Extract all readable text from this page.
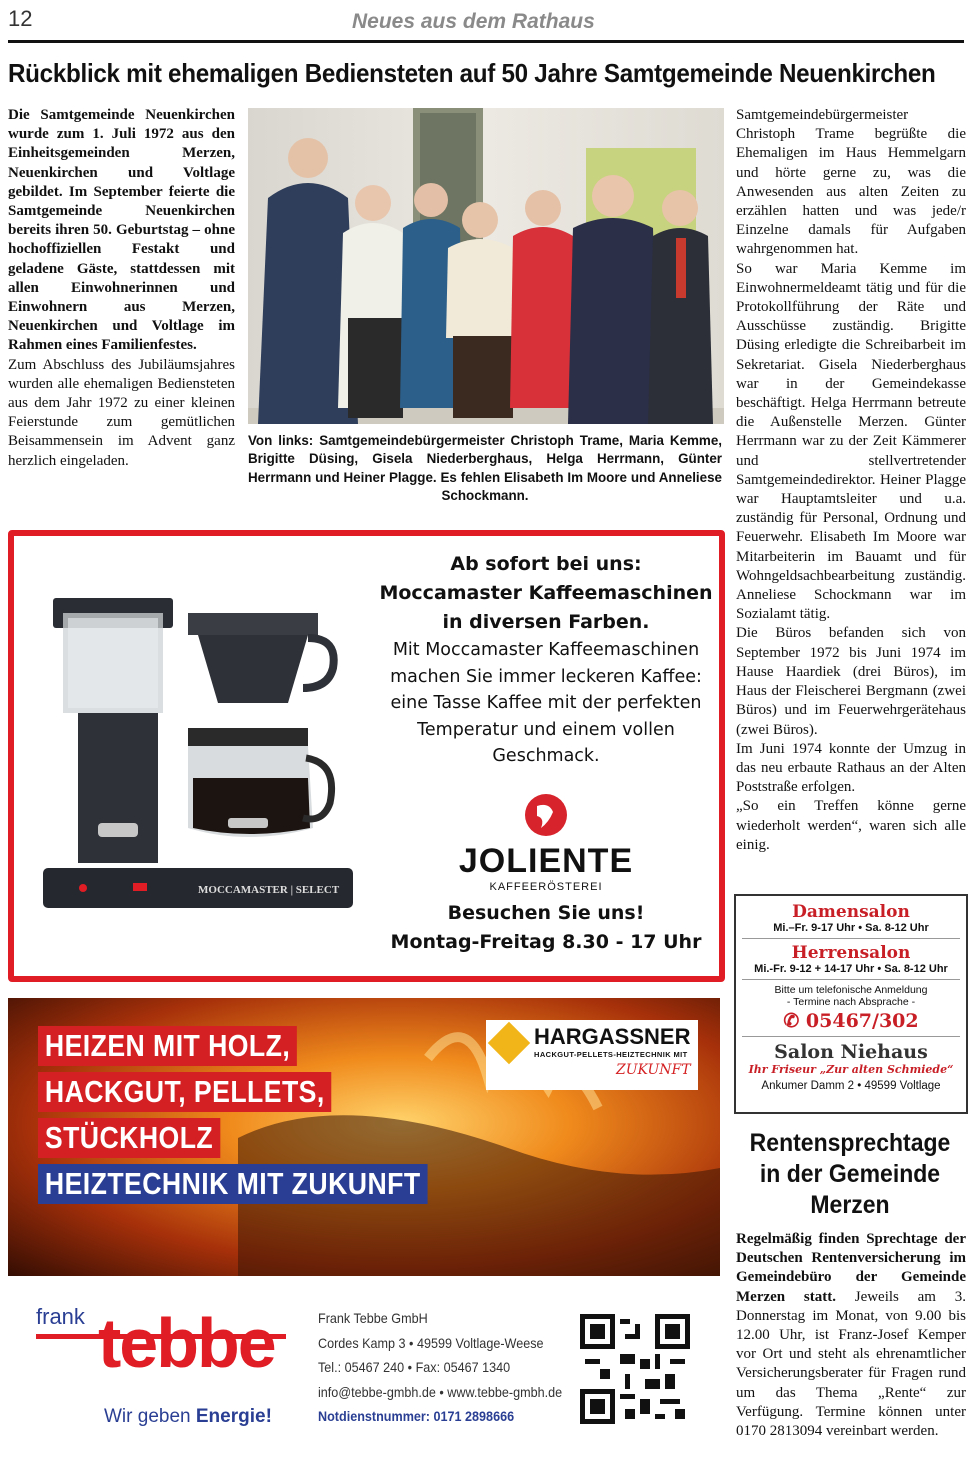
12	Neues aus dem Rathaus
Rückblick mit ehemaligen Bediensteten auf 50 Jahre Samtgemeinde Neuenkirchen

Die Samtgemeinde Neuenkirchen wurde zum 1. Juli 1972 aus den Einheitsgemeinden Merzen, Neuenkirchen und Voltlage gebildet. Im September feierte die Samtgemeinde Neuenkirchen bereits ihren 50. Geburtstag – ohne hochoffiziellen Festakt und geladene Gäste, stattdessen mit allen Einwohnerinnen und Einwohnern aus Merzen, Neuenkirchen und Voltlage im Rahmen eines Familienfestes.

Zum Abschluss des Jubiläumsjahres wurden alle ehemaligen Bediensteten aus dem Jahr 1972 zu einer kleinen Feierstunde zum gemütlichen Beisammensein im Advent ganz herzlich eingeladen.

Von links: Samtgemeindebürgermeister Christoph Trame, Maria Kemme, Brigitte Düsing, Gisela Niederberghaus, Helga Herrmann, Günter Herrmann und Heiner Plagge. Es fehlen Elisabeth Im Moore und Anneliese Schockmann.

Samtgemeindebürgermeister Christoph Trame begrüßte die Ehemaligen im Haus Hemmelgarn und hörte gerne zu, was die Anwesenden aus alten Zeiten zu erzählen hatten und was jede/r Einzelne damals für Aufgaben wahrgenommen hat.

So war Maria Kemme im Einwohnermeldeamt tätig und für die Protokollführung der Räte und Ausschüsse zuständig. Brigitte Düsing erledigte die Schreibarbeit im Sekretariat. Gisela Niederberghaus war in der Gemeindekasse beschäftigt. Helga Herrmann betreute die Außenstelle Merzen. Günter Herrmann war zu der Zeit Kämmerer und stellvertretender Samtgemeindedirektor. Heiner Plagge war Hauptamtsleiter und u.a. zuständig für Personal, Ordnung und Feuerwehr. Elisabeth Im Moore war Mitarbeiterin im Bauamt und für Wohngeldsachbearbeitung zuständig. Anneliese Schockmann war im Sozialamt tätig.

Die Büros befanden sich von September 1972 bis Juni 1974 im Hause Haardiek (drei Büros), im Haus der Fleischerei Bergmann (zwei Büros) und im Feuerwehrgerätehaus (zwei Büros).

Im Juni 1974 konnte der Umzug in das neu erbaute Rathaus an der Alten Poststraße erfolgen.

„So ein Treffen könne gerne wiederholt werden“, waren sich alle einig.

MOCCAMASTER | SELECT
Ab sofort bei uns: Moccamaster Kaffeemaschinen in diversen Farben.
Mit Moccamaster Kaffeemaschinen machen Sie immer leckeren Kaffee: eine Tasse Kaffee mit der perfekten Temperatur und einem vollen Geschmack.
JOLIENTE
KAFFEERÖSTEREI
Besuchen Sie uns!
Montag-Freitag 8.30 - 17 Uhr
HEIZEN MIT HOLZ,
HACKGUT, PELLETS,
STÜCKHOLZ
HEIZTECHNIK MIT ZUKUNFT
HARGASSNER
HACKGUT-PELLETS-HEIZTECHNIK MIT
ZUKUNFT
frank tebbe
Wir geben Energie!
Frank Tebbe GmbH
Cordes Kamp 3 • 49599 Voltlage-Weese
Tel.: 05467 240 • Fax: 05467 1340
info@tebbe-gmbh.de • www.tebbe-gmbh.de
Notdienstnummer: 0171 2898666
Damensalon
Mi.–Fr. 9-17 Uhr • Sa. 8-12 Uhr
Herrensalon
Mi.-Fr. 9-12 + 14-17 Uhr • Sa. 8-12 Uhr
Bitte um telefonische Anmeldung
- Termine nach Absprache -
✆ 05467/302
Salon Niehaus
Ihr Friseur „Zur alten Schmiede“
Ankumer Damm 2 • 49599 Voltlage
Rentensprechtage in der Gemeinde Merzen

Regelmäßig finden Sprechtage der Deutschen Rentenversicherung im Gemeindebüro der Gemeinde Merzen statt. Jeweils am 3. Donnerstag im Monat, von 9.00 bis 12.00 Uhr, ist Franz-Josef Kemper vor Ort und steht als ehrenamtlicher Versicherungsberater für Fragen rund um das Thema „Rente“ zur Verfügung. Termine können unter 0170 2813094 vereinbart werden.
